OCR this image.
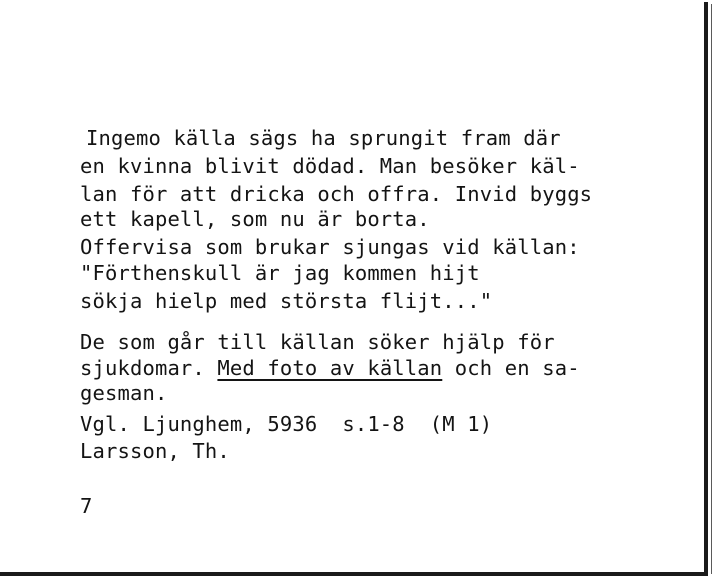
Ingemo källa sägs ha sprungit fram där
en kvinna blivit dödad. Man besöker käl-
lan för att dricka och offra. Invid byggs
ett kapell, som nu är borta.
Offervisa som brukar sjungas vid källan:
"Förthenskull är jag kommen hijt
sökja hielp med största flijt..."
De som går till källan söker hjälp för
sjukdomar. Med foto av källan och en sa-
gesman.
Vgl. Ljunghem, 5936  s.1-8  (M 1)
Larsson, Th.
7
